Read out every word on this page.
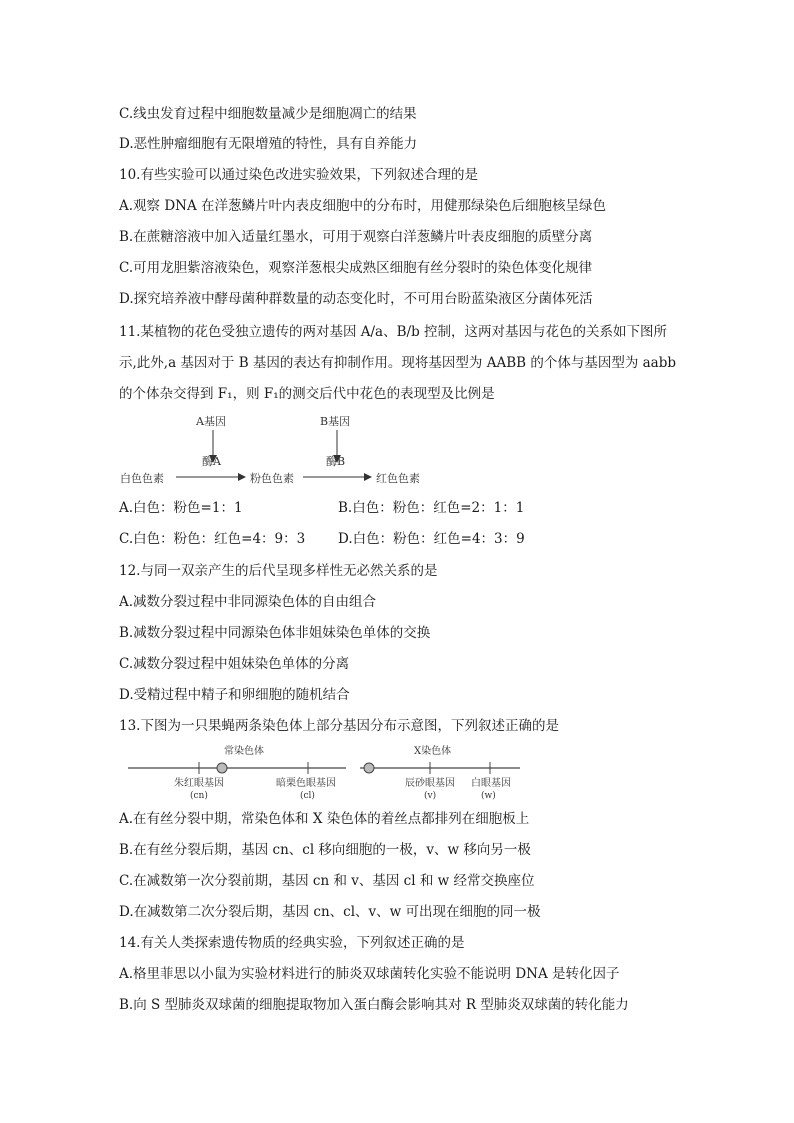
C.线虫发育过程中细胞数量减少是细胞凋亡的结果
D.恶性肿瘤细胞有无限增殖的特性，具有自养能力
10.有些实验可以通过染色改进实验效果，下列叙述合理的是
A.观察 DNA 在洋葱鳞片叶内表皮细胞中的分布时，用健那绿染色后细胞核呈绿色
B.在蔗糖溶液中加入适量红墨水，可用于观察白洋葱鳞片叶表皮细胞的质壁分离
C.可用龙胆紫溶液染色，观察洋葱根尖成熟区细胞有丝分裂时的染色体变化规律
D.探究培养液中酵母菌种群数量的动态变化时，不可用台盼蓝染液区分菌体死活
11.某植物的花色受独立遗传的两对基因 A/a、B/b 控制，这两对基因与花色的关系如下图所
示,此外,a 基因对于 B 基因的表达有抑制作用。现将基因型为 AABB 的个体与基因型为 aabb
的个体杂交得到 F₁，则 F₁的测交后代中花色的表现型及比例是
A基因	B基因
酶A	酶B
白色色素	粉色色素	红色色素
A.白色：粉色=1：1	B.白色：粉色：红色=2：1：1
C.白色：粉色：红色=4：9：3 D.白色：粉色：红色=4：3：9
12.与同一双亲产生的后代呈现多样性无必然关系的是
A.减数分裂过程中非同源染色体的自由组合
B.减数分裂过程中同源染色体非姐妹染色单体的交换
C.减数分裂过程中姐妹染色单体的分离
D.受精过程中精子和卵细胞的随机结合
13.下图为一只果蝇两条染色体上部分基因分布示意图，下列叙述正确的是
常染色体	X染色体
朱红眼基因
(cn)
暗栗色眼基因
(cl)
辰砂眼基因
(v)
白眼基因
(w)
A.在有丝分裂中期，常染色体和 X 染色体的着丝点都排列在细胞板上
B.在有丝分裂后期，基因 cn、cl 移向细胞的一极，v、w 移向另一极
C.在减数第一次分裂前期，基因 cn 和 v、基因 cl 和 w 经常交换座位
D.在减数第二次分裂后期，基因 cn、cl、v、w 可出现在细胞的同一极
14.有关人类探索遗传物质的经典实验，下列叙述正确的是
A.格里菲思以小鼠为实验材料进行的肺炎双球菌转化实验不能说明 DNA 是转化因子
B.向 S 型肺炎双球菌的细胞提取物加入蛋白酶会影响其对 R 型肺炎双球菌的转化能力
